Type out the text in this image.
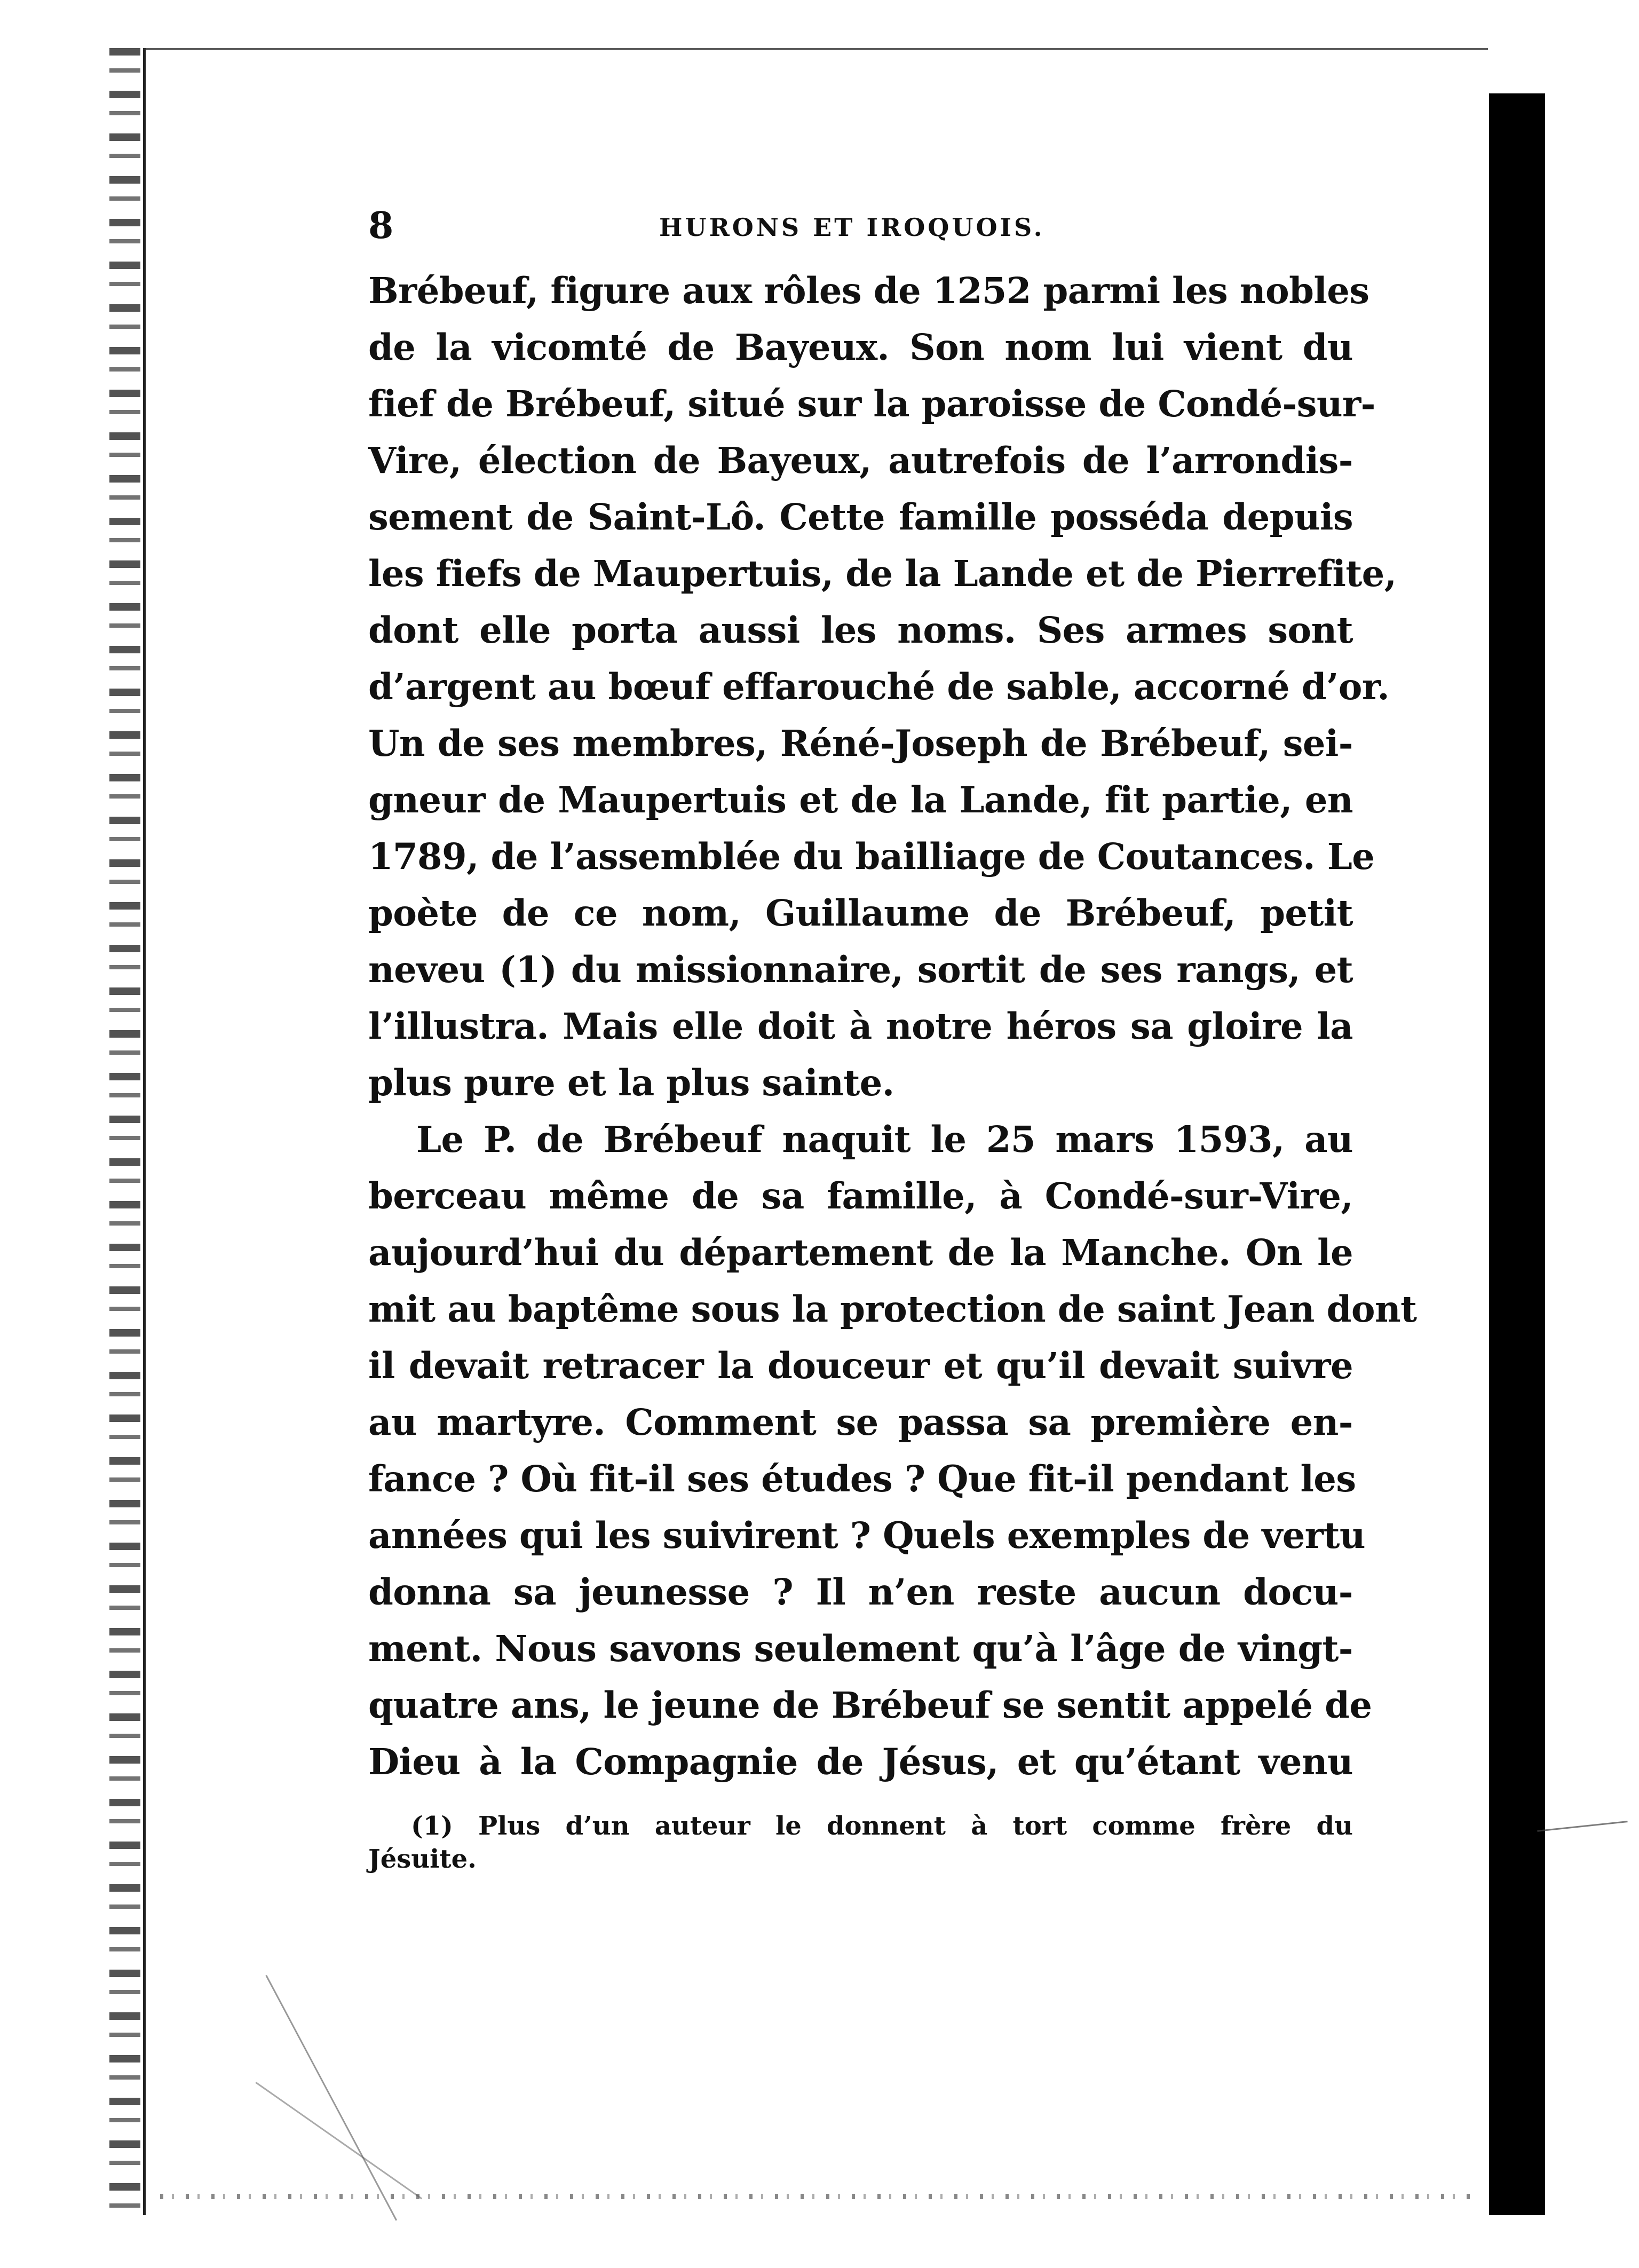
8	HURONS ET IROQUOIS.
Brébeuf, figure aux rôles de 1252 parmi les nobles
de la vicomté de Bayeux. Son nom lui vient du
fief de Brébeuf, situé sur la paroisse de Condé-sur-
Vire, élection de Bayeux, autrefois de l’arrondis-
sement de Saint-Lô. Cette famille posséda depuis
les fiefs de Maupertuis, de la Lande et de Pierrefite,
dont elle porta aussi les noms. Ses armes sont
d’argent au bœuf effarouché de sable, accorné d’or.
Un de ses membres, Réné-Joseph de Brébeuf, sei-
gneur de Maupertuis et de la Lande, fit partie, en
1789, de l’assemblée du bailliage de Coutances. Le
poète de ce nom, Guillaume de Brébeuf, petit
neveu (1) du missionnaire, sortit de ses rangs, et
l’illustra. Mais elle doit à notre héros sa gloire la
plus pure et la plus sainte.
Le P. de Brébeuf naquit le 25 mars 1593, au
berceau même de sa famille, à Condé-sur-Vire,
aujourd’hui du département de la Manche. On le
mit au baptême sous la protection de saint Jean dont
il devait retracer la douceur et qu’il devait suivre
au martyre. Comment se passa sa première en-
fance ? Où fit-il ses études ? Que fit-il pendant les
années qui les suivirent ? Quels exemples de vertu
donna sa jeunesse ? Il n’en reste aucun docu-
ment. Nous savons seulement qu’à l’âge de vingt-
quatre ans, le jeune de Brébeuf se sentit appelé de
Dieu à la Compagnie de Jésus, et qu’étant venu
(1) Plus d’un auteur le donnent à tort comme frère du
Jésuite.
